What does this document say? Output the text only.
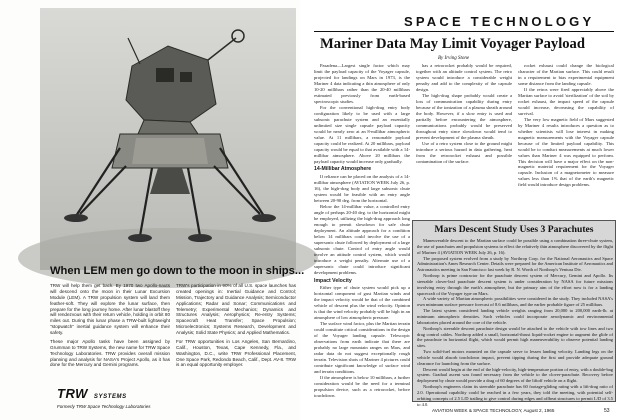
When LEM men go down to the moon in ships...

TRW will help them get back. By 1970 two Apollo-nauts will descend onto the moon in their Lunar Excursion Module (LEM). A TRW propulsion system will land them feather-soft. They will explore the lunar surface, then prepare for the long journey home. After lunar blastoff they will rendezvous with their return vehicle, holding in orbit 80 miles out. During this lunar phase a TRW-built lightweight "stopwatch" inertial guidance system will enhance their safety.

These major Apollo tasks have been assigned by Grumman to TRW Systems, the new name for TRW Space Technology Laboratories. TRW provides overall mission planning and analysis for NASA's Project Apollo, as it has done for the Mercury and Gemini programs.

TRW's participation in 90% of all U.S. space launches has created openings in: Inertial Guidance and Control; Mission, Trajectory and Guidance Analysis; Semiconductor Applications; Radar and Sonar; Communications and Telemetry; Experimental Mechanics; Dynamics and Structures Analysis; Aerophysics; Re-entry Systems; Spacecraft Heat Transfer; Space Propulsion; Microelectronics; Systems Research, Development and Analysis; Solid State Physics; and Applied Mathematics.

For TRW opportunities in Los Angeles, San Bernardino, Calif., Houston, Texas, Cape Kennedy, Fla., and Washington, D.C., write TRW Professional Placement, One Space Park, Redondo Beach, Calif., Dept. AV-8. TRW is an equal opportunity employer.

TRW SYSTEMS
Formerly TRW Space Technology Laboratories
SPACE TECHNOLOGY
Mariner Data May Limit Voyager Payload
By Irving Stone

Pasadena—Largest single factor which may limit the payload capacity of the Voyager capsule, projected for landings on Mars in 1973, is the Mariner 4 data indicating a thin atmosphere of only 10-20 millibars rather than the 20-40 millibars estimated previously from earth-based spectroscopic studies.

For the conventional high-drag entry body configuration likely to be used with a large subsonic parachute system and an essentially unlimited size single capsule payload capacity would be nearly zero at an 8-millibar atmospheric value. At 11 millibars, a reasonable payload capacity could be realized. At 20 millibars, payload capacity would be equal to that available with a 14-millibar atmosphere. Above 20 millibars the payload capacity would increase only gradually.

14-Millibar Atmosphere

If reliance can be placed on the analysis of a 14-millibar atmosphere (AVIATION WEEK July 26, p. 16), the high-drag body and large subsonic chute system would be feasible with an entry angle between 20-90 deg. from the horizontal.

Below the 14-millibar value, a controlled entry angle of perhaps 20-40 deg. to the horizontal might be employed, utilizing the high-drag approach long enough to permit slowdown for safe chute deployment. An altitude approach for a condition below 14 millibars could involve the use of a supersonic chute followed by deployment of a large subsonic chute. Control of entry angle would involve an attitude control system, which would introduce a weight penalty. Alternate use of a supersonic chute could introduce significant development problems.

Impact Velocity

Either type of chute system would pick up a horizontal component of gust Martian winds and the impact velocity would be that of the combined vehicle of descent plus the wind velocity. Opinion is that the wind velocity probably will be high in an atmosphere of low atmospheric pressure.

The surface wind factor, plus the Martian terrain could constitute critical considerations in the design of the Voyager landing capsule. Telescopic observations from earth indicate that there are probably no large mountain ranges on Mars, and radar data do not suggest exceptionally rough terrain. Television shots of Mariner 4 pictures could contribute significant knowledge of surface wind and terrain conditions.

If the atmosphere is below 10 millibars, a further consideration would be the need for a terminal propulsion device, such as a retrorocket, before touchdown.

has a retrorocket probably would be required, together with an altitude control system. The retro system would introduce a considerable weight penalty and add to the complexity of the capsule design.

The high-drag shape probably would create a loss of communication capability during entry because of the ionization of a plasma sheath around the body. However, if a slow entry is used and partially before encountering the atmosphere, communications probably would be preserved throughout entry since slowdown would tend to prevent development of the plasma sheath.

Use of a retro system close to the ground might introduce a serious hazard in data gathering, heat from the retrorocket exhaust and possible contamination of the surface.

rocket exhaust could change the biological character of the Martian surface. This could result in a requirement to bias experimental equipment some distance from the landing capsule.

If the retros were fired appreciably above the Martian surface to avoid 'sterilization' of the soil by rocket exhaust, the impact speed of the capsule would increase, decreasing the capability of survival.

The very low magnetic field of Mars suggested by Mariner 4 results introduces a question as to whether scientists will lose interest in making magnetic measurements with the Voyager capsule because of the limited payload capability. This would be to conduct measurements at much lower values than Mariner 4 was equipped to perform. This decision will have a major effect on the non-magnetic material requirement for the Voyager capsule. Inclusion of a magnetometer to measure values less than 1% that of the earth's magnetic field would introduce design problems.

Mars Descent Study Uses 3 Parachutes

Maneuverable descent to the Martian surface could be possible using a combination three-chute system, the use of parachutes and propulsion systems to effect the relatively thin atmosphere discovered by the flight of Mariner 4 (AVIATION WEEK July 26, p. 16).

The proposed system evolved from a study by Northrop Corp. for the National Aeronautics and Space Administration's Ames Research Center. Details were prepared for the American Institute of Aeronautics and Astronautics meeting in San Francisco last week by R. N. Worth of Northrop's Ventura Div.

Northrop is prime contractor for the parachute descent system of Mercury, Gemini and Apollo. Its steerable clover-leaf parachute descent system is under consideration by NASA for future missions involving entry through the earth's atmosphere, but the primary aim of the effort now is for a landing spacecraft of the Voyager type on Mars.

A wide variety of Martian atmospheric possibilities were considered in the study. They included NASA's own minimum surface pressure forecast of 8.6 millibars, and the earlier probable figure of 25 millibars.

The latest system considered landing vehicle weights ranging from 20,000 to 200,000 earth-lb. at minimum atmospheric densities. Such vehicles could incorporate aerodynamic and environmental laboratories placed around the core of the vehicle.

Northrop's steerable descent parachute design would be attached to the vehicle with tow lines and two drag control cables. Northrop added a small, horizontal-thrust liquid-rocket engine to augment the glide of the parachute in horizontal flight, which would permit high maneuverability to observe potential landing sites.

Two solid-fuel motors mounted on the capsule serve to lessen landing velocity. Landing legs on the vehicle would absorb touchdown impact, prevent tipping during the first and provide adequate ground clearance for launching from the surface.

Descent would begin at the end of the high-velocity, high-temperature portion of entry, with a double-bag system. Gradual ascent was found necessary from the vehicle to the clover-parachute. Recovery before deployment by chute would provide a drag of 60 degrees of the liftoff vehicle on a flight.

Northrop's engineers claim its steerable parachute has 60 footage-gliding rating with a lift-drag ratio of 2.0. Operational capability could be reached in a few years, they told the meeting, with potential self-orbiting concepts of 2.5 L/D trailing to give control during edges and offbeat structures to permit L/D of 3.5 to 4.0.

AVIATION WEEK & SPACE TECHNOLOGY, August 2, 1965	53
